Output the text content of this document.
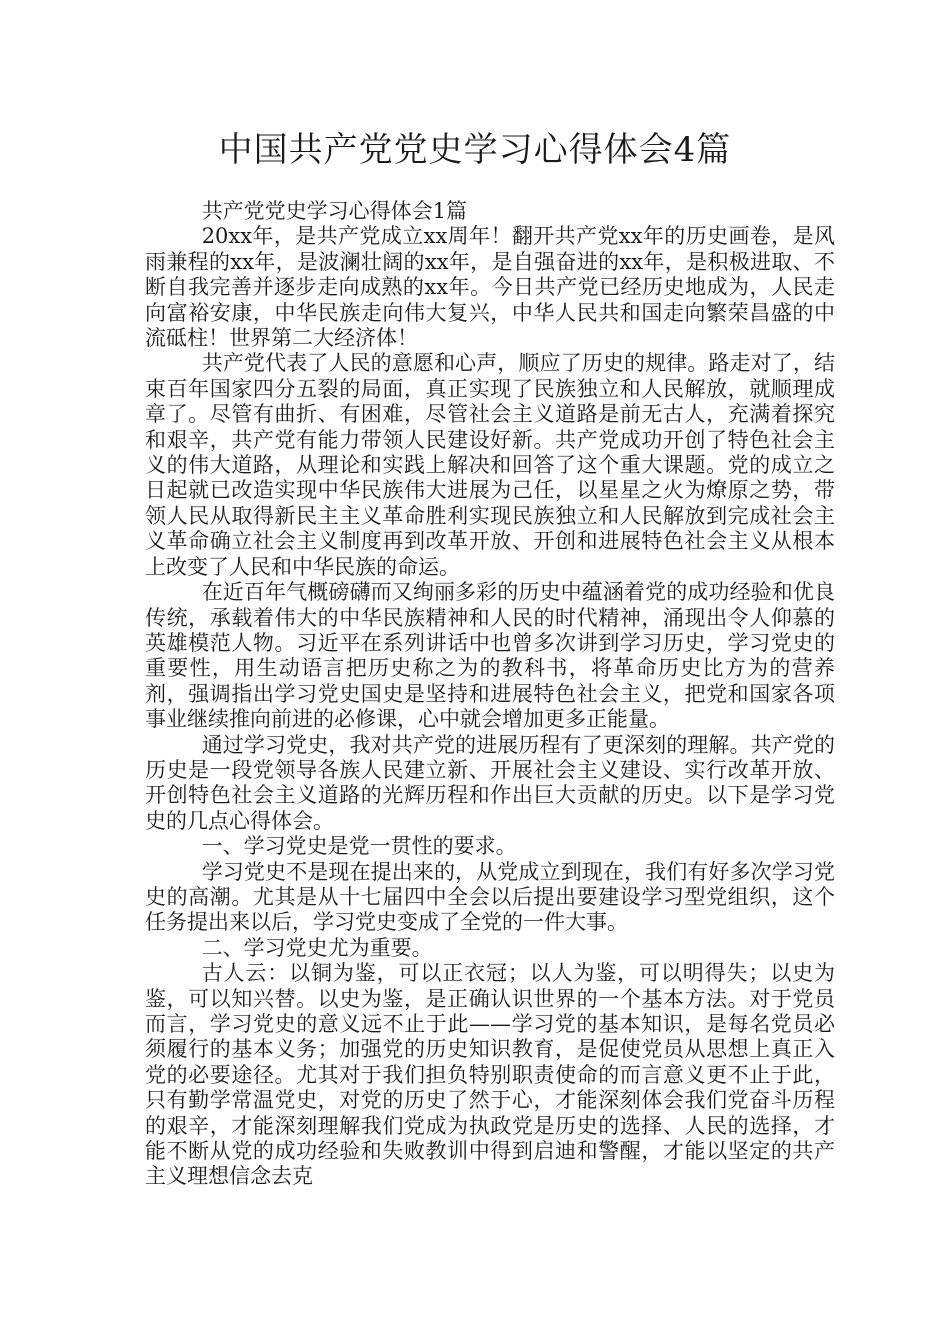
中国共产党党史学习心得体会4篇

共产党党史学习心得体会1篇

20xx年，是共产党成立xx周年！翻开共产党xx年的历史画卷，是风雨兼程的xx年，是波澜壮阔的xx年，是自强奋进的xx年，是积极进取、不断自我完善并逐步走向成熟的xx年。今日共产党已经历史地成为，人民走向富裕安康，中华民族走向伟大复兴，中华人民共和国走向繁荣昌盛的中流砥柱！世界第二大经济体！

共产党代表了人民的意愿和心声，顺应了历史的规律。路走对了，结束百年国家四分五裂的局面，真正实现了民族独立和人民解放，就顺理成章了。尽管有曲折、有困难，尽管社会主义道路是前无古人，充满着探究和艰辛，共产党有能力带领人民建设好新。共产党成功开创了特色社会主义的伟大道路，从理论和实践上解决和回答了这个重大课题。党的成立之日起就已改造实现中华民族伟大进展为己任，以星星之火为燎原之势，带领人民从取得新民主主义革命胜利实现民族独立和人民解放到完成社会主义革命确立社会主义制度再到改革开放、开创和进展特色社会主义从根本上改变了人民和中华民族的命运。

在近百年气概磅礴而又绚丽多彩的历史中蕴涵着党的成功经验和优良传统，承载着伟大的中华民族精神和人民的时代精神，涌现出令人仰慕的英雄模范人物。习近平在系列讲话中也曾多次讲到学习历史，学习党史的重要性，用生动语言把历史称之为的教科书，将革命历史比方为的营养剂，强调指出学习党史国史是坚持和进展特色社会主义，把党和国家各项事业继续推向前进的必修课，心中就会增加更多正能量。

通过学习党史，我对共产党的进展历程有了更深刻的理解。共产党的历史是一段党领导各族人民建立新、开展社会主义建设、实行改革开放、开创特色社会主义道路的光辉历程和作出巨大贡献的历史。以下是学习党史的几点心得体会。

一、学习党史是党一贯性的要求。

学习党史不是现在提出来的，从党成立到现在，我们有好多次学习党史的高潮。尤其是从十七届四中全会以后提出要建设学习型党组织，这个任务提出来以后，学习党史变成了全党的一件大事。

二、学习党史尤为重要。

古人云：以铜为鉴，可以正衣冠；以人为鉴，可以明得失；以史为鉴，可以知兴替。以史为鉴，是正确认识世界的一个基本方法。对于党员而言，学习党史的意义远不止于此——学习党的基本知识，是每名党员必须履行的基本义务；加强党的历史知识教育，是促使党员从思想上真正入党的必要途径。尤其对于我们担负特别职责使命的而言意义更不止于此，只有勤学常温党史，对党的历史了然于心，才能深刻体会我们党奋斗历程的艰辛，才能深刻理解我们党成为执政党是历史的选择、人民的选择，才能不断从党的成功经验和失败教训中得到启迪和警醒，才能以坚定的共产主义理想信念去克
